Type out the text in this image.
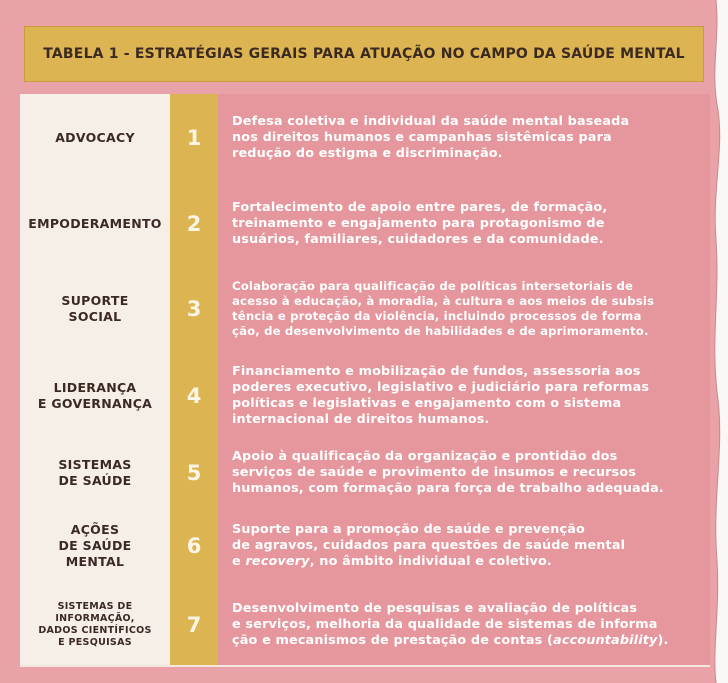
TABELA 1 - ESTRATÉGIAS GERAIS PARA ATUAÇÃO NO CAMPO DA SAÚDE MENTAL
ADVOCACY	1

Defesa coletiva e individual da saúde mental baseada
nos direitos humanos e campanhas sistêmicas para
redução do estigma e discriminação.

EMPODERAMENTO	2

Fortalecimento de apoio entre pares, de formação,
treinamento e engajamento para protagonismo de
usuários, familiares, cuidadores e da comunidade.

SUPORTE
SOCIAL	3

Colaboração para qualificação de políticas intersetoriais de
acesso à educação, à moradia, à cultura e aos meios de subsis
tência e proteção da violência, incluindo processos de forma
ção, de desenvolvimento de habilidades e de aprimoramento.

LIDERANÇA
E GOVERNANÇA	4

Financiamento e mobilização de fundos, assessoria aos
poderes executivo, legislativo e judiciário para reformas
políticas e legislativas e engajamento com o sistema
internacional de direitos humanos.

SISTEMAS
DE SAÚDE	5

Apoio à qualificação da organização e prontidão dos
serviços de saúde e provimento de insumos e recursos
humanos, com formação para força de trabalho adequada.

AÇÕES
DE SAÚDE
MENTAL
6

Suporte para a promoção de saúde e prevenção
de agravos, cuidados para questões de saúde mental
e recovery, no âmbito individual e coletivo.

SISTEMAS DE
INFORMAÇÃO,
DADOS CIENTÍFICOS
E PESQUISAS
7

Desenvolvimento de pesquisas e avaliação de políticas
e serviços, melhoria da qualidade de sistemas de informa
ção e mecanismos de prestação de contas (accountability).
